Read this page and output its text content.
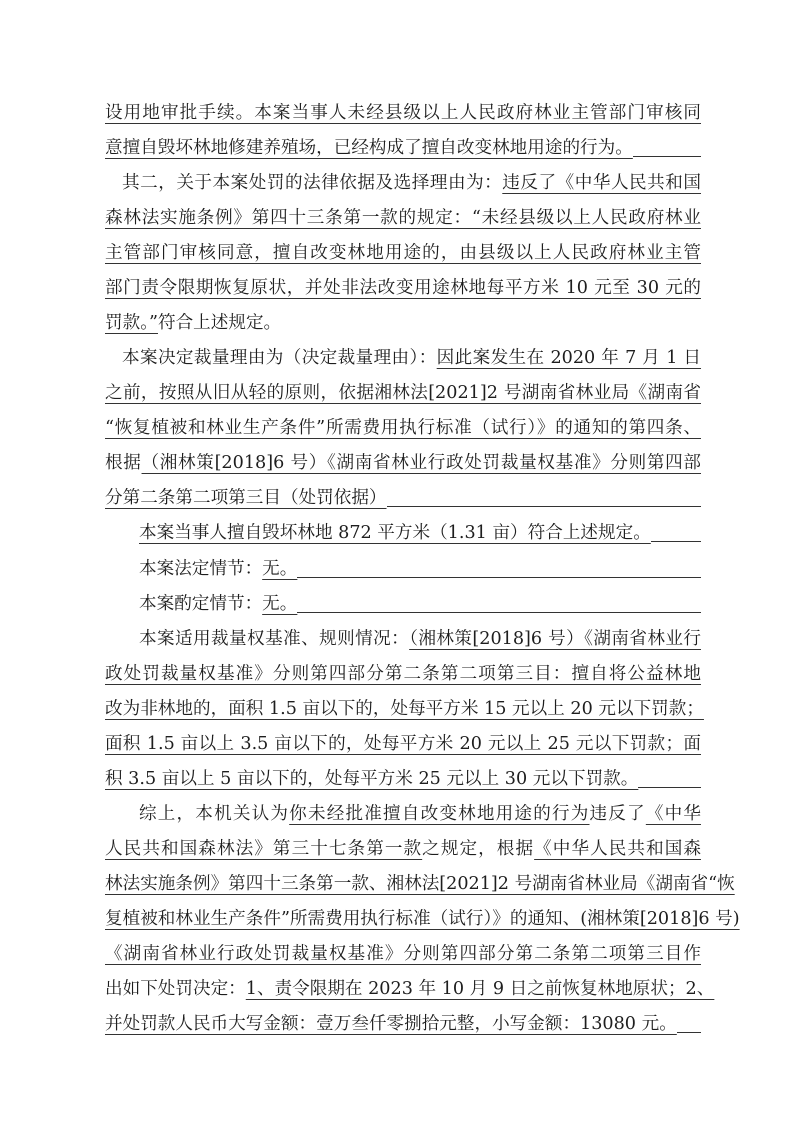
设用地审批手续。本案当事人未经县级以上人民政府林业主管部门审核同
意擅自毁坏林地修建养殖场，已经构成了擅自改变林地用途的行为。
其二，关于本案处罚的法律依据及选择理由为：违反了《中华人民共和国
森林法实施条例》第四十三条第一款的规定：“未经县级以上人民政府林业
主管部门审核同意，擅自改变林地用途的，由县级以上人民政府林业主管
部门责令限期恢复原状，并处非法改变用途林地每平方米 10 元至 30 元的
罚款。”符合上述规定。
本案决定裁量理由为（决定裁量理由）：因此案发生在 2020 年 7 月 1 日
之前，按照从旧从轻的原则，依据湘林法[2021]2 号湖南省林业局《湖南省
“恢复植被和林业生产条件”所需费用执行标准（试行）》的通知的第四条、
根据（湘林策[2018]6 号）《湖南省林业行政处罚裁量权基准》分则第四部
分第二条第二项第三目（处罚依据）
本案当事人擅自毁坏林地 872 平方米（1.31 亩）符合上述规定。
本案法定情节： 无。
本案酌定情节： 无。
本案适用裁量权基准、规则情况：（湘林策[2018]6 号）《湖南省林业行
政处罚裁量权基准》分则第四部分第二条第二项第三目：擅自将公益林地
改为非林地的，面积 1.5 亩以下的，处每平方米 15 元以上 20 元以下罚款；
面积 1.5 亩以上 3.5 亩以下的，处每平方米 20 元以上 25 元以下罚款；面
积 3.5 亩以上 5 亩以下的，处每平方米 25 元以上 30 元以下罚款。
综上，本机关认为你未经批准擅自改变林地用途的行为违反了《中华
人民共和国森林法》第三十七条第一款之规定，根据《中华人民共和国森
林法实施条例》第四十三条第一款、湘林法[2021]2 号湖南省林业局《湖南省“恢
复植被和林业生产条件”所需费用执行标准（试行）》的通知、(湘林策[2018]6 号)
《湖南省林业行政处罚裁量权基准》分则第四部分第二条第二项第三目作
出如下处罚决定：1、责令限期在 2023 年 10 月 9 日之前恢复林地原状；2、
并处罚款人民币大写金额：壹万叁仟零捌拾元整，小写金额：13080 元。
